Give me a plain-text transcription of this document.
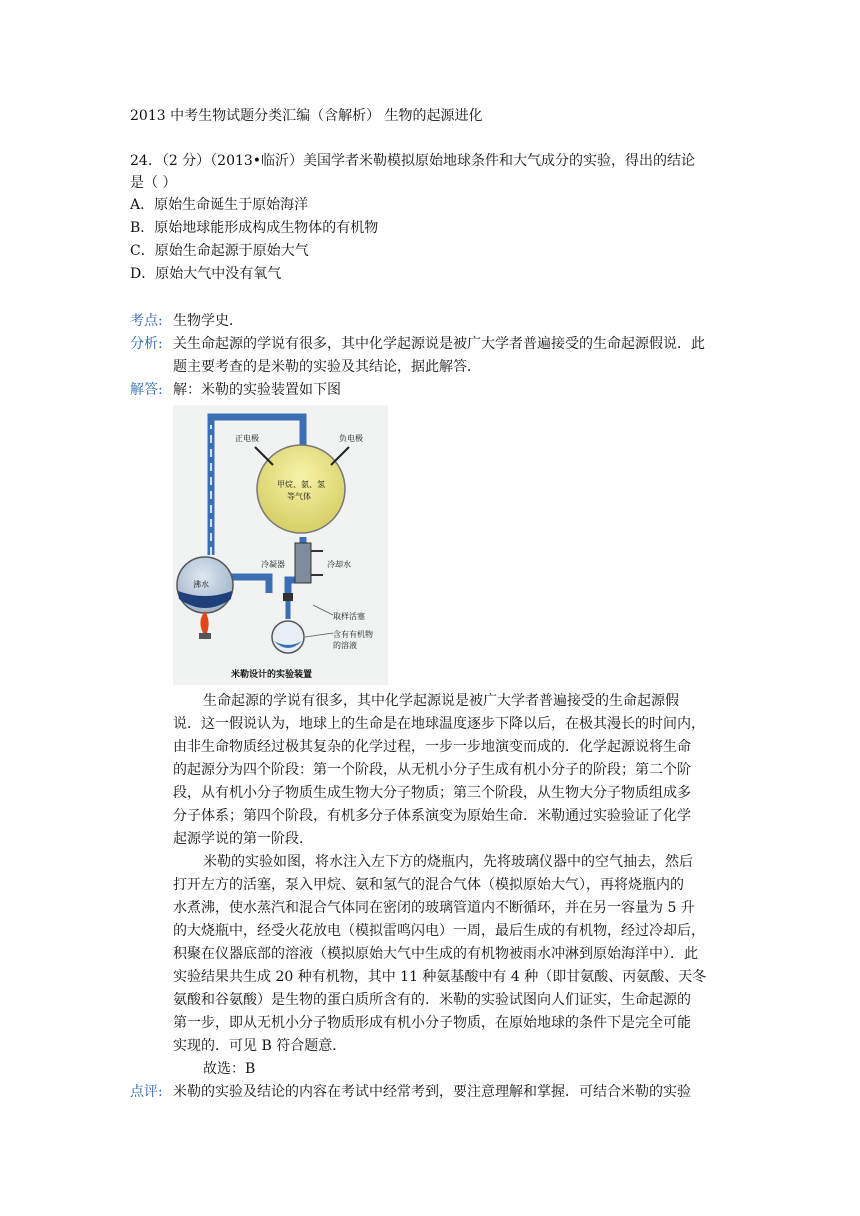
2013 中考生物试题分类汇编（含解析） 生物的起源进化
24．（2 分）（2013•临沂）美国学者米勒模拟原始地球条件和大气成分的实验，得出的结论
是（ ）
A．原始生命诞生于原始海洋
B．原始地球能形成构成生物体的有机物
C．原始生命起源于原始大气
D．原始大气中没有氧气
考点: 生物学史．
分析: 关生命起源的学说有很多，其中化学起源说是被广大学者普遍接受的生命起源假说．此
题主要考查的是米勒的实验及其结论，据此解答．
解答: 解：米勒的实验装置如下图
正电极	负电极
甲烷、氨、氢
等气体
冷凝器	冷却水
沸水
取样活塞
含有有机物
的溶液
米勒设计的实验装置
生命起源的学说有很多，其中化学起源说是被广大学者普遍接受的生命起源假
说．这一假说认为，地球上的生命是在地球温度逐步下降以后，在极其漫长的时间内，
由非生命物质经过极其复杂的化学过程，一步一步地演变而成的．化学起源说将生命
的起源分为四个阶段：第一个阶段，从无机小分子生成有机小分子的阶段；第二个阶
段，从有机小分子物质生成生物大分子物质；第三个阶段，从生物大分子物质组成多
分子体系；第四个阶段，有机多分子体系演变为原始生命．米勒通过实验验证了化学
起源学说的第一阶段．
米勒的实验如图，将水注入左下方的烧瓶内，先将玻璃仪器中的空气抽去，然后
打开左方的活塞，泵入甲烷、氨和氢气的混合气体（模拟原始大气），再将烧瓶内的
水煮沸，使水蒸汽和混合气体同在密闭的玻璃管道内不断循环，并在另一容量为 5 升
的大烧瓶中，经受火花放电（模拟雷鸣闪电）一周，最后生成的有机物，经过冷却后，
积聚在仪器底部的溶液（模拟原始大气中生成的有机物被雨水冲淋到原始海洋中）．此
实验结果共生成 20 种有机物，其中 11 种氨基酸中有 4 种（即甘氨酸、丙氨酸、天冬
氨酸和谷氨酸）是生物的蛋白质所含有的．米勒的实验试图向人们证实，生命起源的
第一步，即从无机小分子物质形成有机小分子物质，在原始地球的条件下是完全可能
实现的．可见 B 符合题意．
故选：B
点评: 米勒的实验及结论的内容在考试中经常考到，要注意理解和掌握．可结合米勒的实验
